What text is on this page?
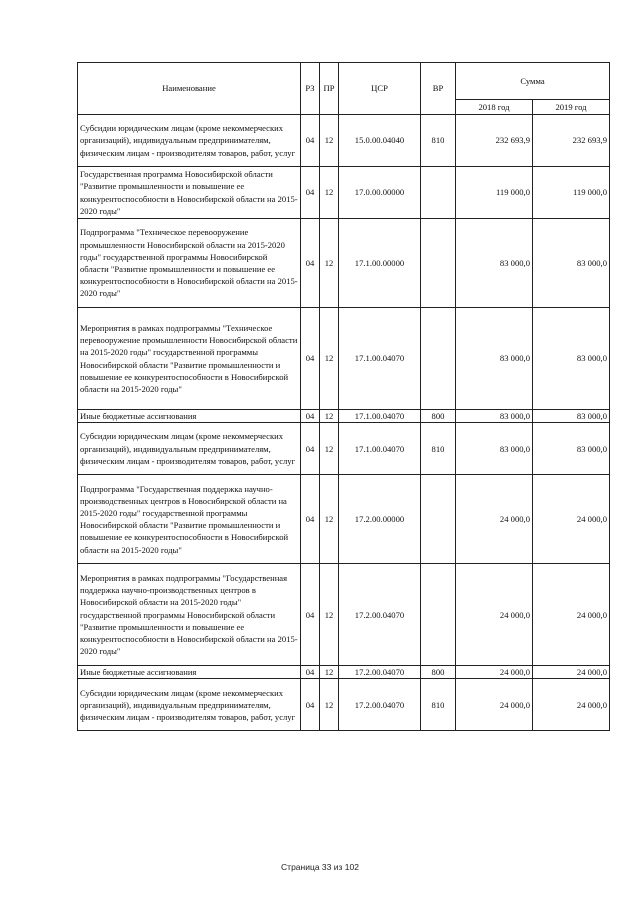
Наименование	РЗ	ПР	ЦСР	ВР	Сумма	
					2018 год	2019 год
Субсидии юридическим лицам (кроме некоммерческих организаций), индивидуальным предпринимателям, физическим лицам - производителям товаров, работ, услуг	04	12	15.0.00.04040	810	232 693,9	232 693,9
Государственная программа Новосибирской области "Развитие промышленности и повышение ее конкурентоспособности в Новосибирской области на 2015-2020 годы"	04	12	17.0.00.00000		119 000,0	119 000,0
Подпрограмма "Техническое перевооружение промышленности Новосибирской области на 2015-2020 годы" государственной программы Новосибирской области "Развитие промышленности и повышение ее конкурентоспособности в Новосибирской области на 2015-2020 годы"	04	12	17.1.00.00000		83 000,0	83 000,0
Мероприятия в рамках подпрограммы "Техническое перевооружение промышленности Новосибирской области на 2015-2020 годы" государственной программы Новосибирской области "Развитие промышленности и повышение ее конкурентоспособности в Новосибирской области на 2015-2020 годы"	04	12	17.1.00.04070		83 000,0	83 000,0
Иные бюджетные ассигнования	04	12	17.1.00.04070	800	83 000,0	83 000,0
Субсидии юридическим лицам (кроме некоммерческих организаций), индивидуальным предпринимателям, физическим лицам - производителям товаров, работ, услуг	04	12	17.1.00.04070	810	83 000,0	83 000,0
Подпрограмма "Государственная поддержка научно-производственных центров в Новосибирской области на 2015-2020 годы" государственной программы Новосибирской области "Развитие промышленности и повышение ее конкурентоспособности в Новосибирской области на 2015-2020 годы"	04	12	17.2.00.00000		24 000,0	24 000,0
Мероприятия в рамках подпрограммы "Государственная поддержка научно-производственных центров в Новосибирской области на 2015-2020 годы" государственной программы Новосибирской области "Развитие промышленности и повышение ее конкурентоспособности в Новосибирской области на 2015-2020 годы"	04	12	17.2.00.04070		24 000,0	24 000,0
Иные бюджетные ассигнования	04	12	17.2.00.04070	800	24 000,0	24 000,0
Субсидии юридическим лицам (кроме некоммерческих организаций), индивидуальным предпринимателям, физическим лицам - производителям товаров, работ, услуг	04	12	17.2.00.04070	810	24 000,0	24 000,0
Страница 33 из 102
